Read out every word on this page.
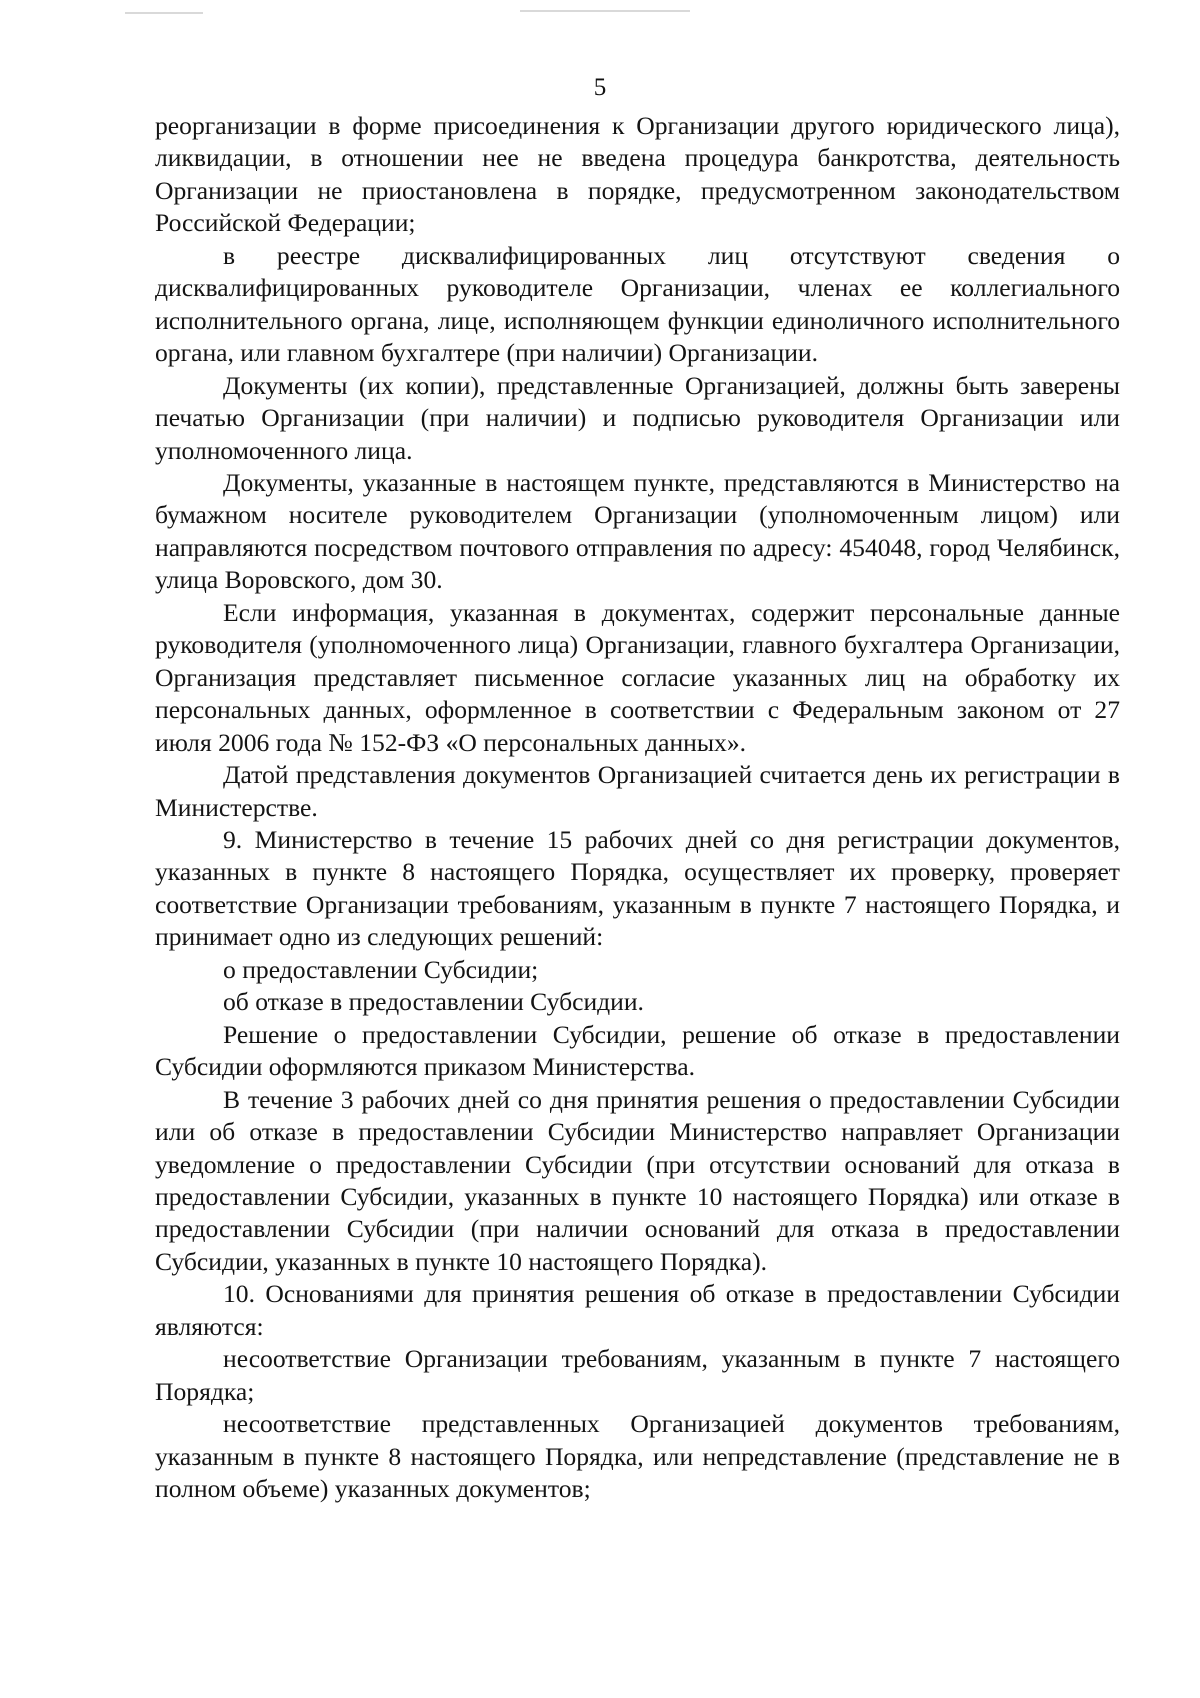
5

реорганизации в форме присоединения к Организации другого юридического лица), ликвидации, в отношении нее не введена процедура банкротства, деятельность Организации не приостановлена в порядке, предусмотренном законодательством Российской Федерации;

в реестре дисквалифицированных лиц отсутствуют сведения о дисквалифицированных руководителе Организации, членах ее коллегиального исполнительного органа, лице, исполняющем функции единоличного исполнительного органа, или главном бухгалтере (при наличии) Организации.

Документы (их копии), представленные Организацией, должны быть заверены печатью Организации (при наличии) и подписью руководителя Организации или уполномоченного лица.

Документы, указанные в настоящем пункте, представляются в Министерство на бумажном носителе руководителем Организации (уполномоченным лицом) или направляются посредством почтового отправления по адресу: 454048, город Челябинск, улица Воровского, дом 30.

Если информация, указанная в документах, содержит персональные данные руководителя (уполномоченного лица) Организации, главного бухгалтера Организации, Организация представляет письменное согласие указанных лиц на обработку их персональных данных, оформленное в соответствии с Федеральным законом от 27 июля 2006 года № 152-ФЗ «О персональных данных».

Датой представления документов Организацией считается день их регистрации в Министерстве.

9. Министерство в течение 15 рабочих дней со дня регистрации документов, указанных в пункте 8 настоящего Порядка, осуществляет их проверку, проверяет соответствие Организации требованиям, указанным в пункте 7 настоящего Порядка, и принимает одно из следующих решений:

о предоставлении Субсидии;

об отказе в предоставлении Субсидии.

Решение о предоставлении Субсидии, решение об отказе в предоставлении Субсидии оформляются приказом Министерства.

В течение 3 рабочих дней со дня принятия решения о предоставлении Субсидии или об отказе в предоставлении Субсидии Министерство направляет Организации уведомление о предоставлении Субсидии (при отсутствии оснований для отказа в предоставлении Субсидии, указанных в пункте 10 настоящего Порядка) или отказе в предоставлении Субсидии (при наличии оснований для отказа в предоставлении Субсидии, указанных в пункте 10 настоящего Порядка).

10. Основаниями для принятия решения об отказе в предоставлении Субсидии являются:

несоответствие Организации требованиям, указанным в пункте 7 настоящего Порядка;

несоответствие представленных Организацией документов требованиям, указанным в пункте 8 настоящего Порядка, или непредставление (представление не в полном объеме) указанных документов;
